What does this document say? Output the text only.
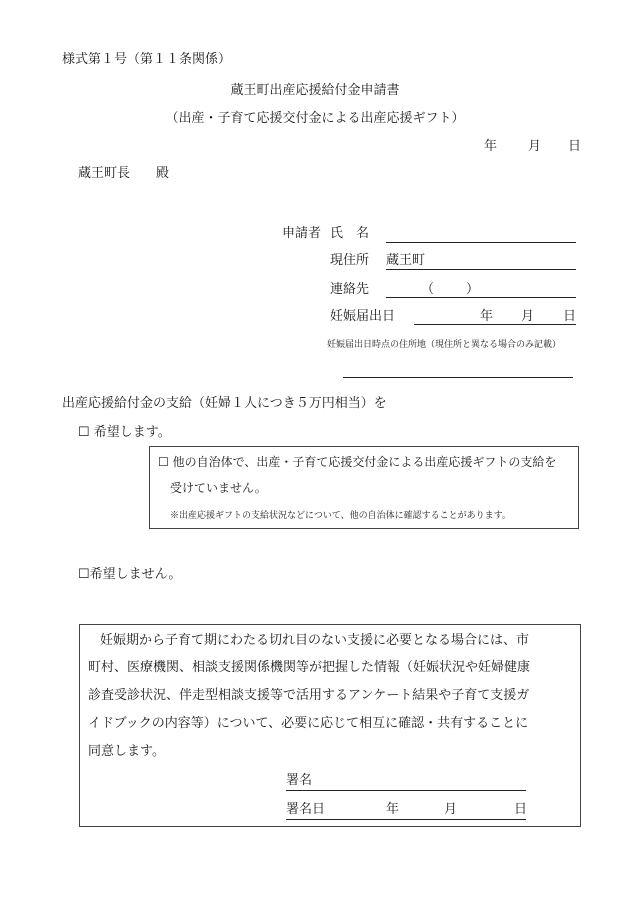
様式第１号（第１１条関係）
蔵王町出産応援給付金申請書
（出産・子育て応援交付金による出産応援ギフト）
年 月 日
蔵王町長　　殿
申請者 氏　名
現住所 蔵王町
連絡先	（ ）
妊娠届出日	年 月 日
妊娠届出日時点の住所地（現住所と異なる場合のみ記載）
出産応援給付金の支給（妊婦１人につき５万円相当）を
☐ 希望します。
☐ 他の自治体で、出産・子育て応援交付金による出産応援ギフトの支給を
受けていません。
※出産応援ギフトの支給状況などについて、他の自治体に確認することがあります。
☐希望しません。
妊娠期から子育て期にわたる切れ目のない支援に必要となる場合には、市
町村、医療機関、相談支援関係機関等が把握した情報（妊娠状況や妊婦健康
診査受診状況、伴走型相談支援等で活用するアンケート結果や子育て支援ガ
イドブックの内容等）について、必要に応じて相互に確認・共有することに
同意します。
署名
署名日	年	月	日
